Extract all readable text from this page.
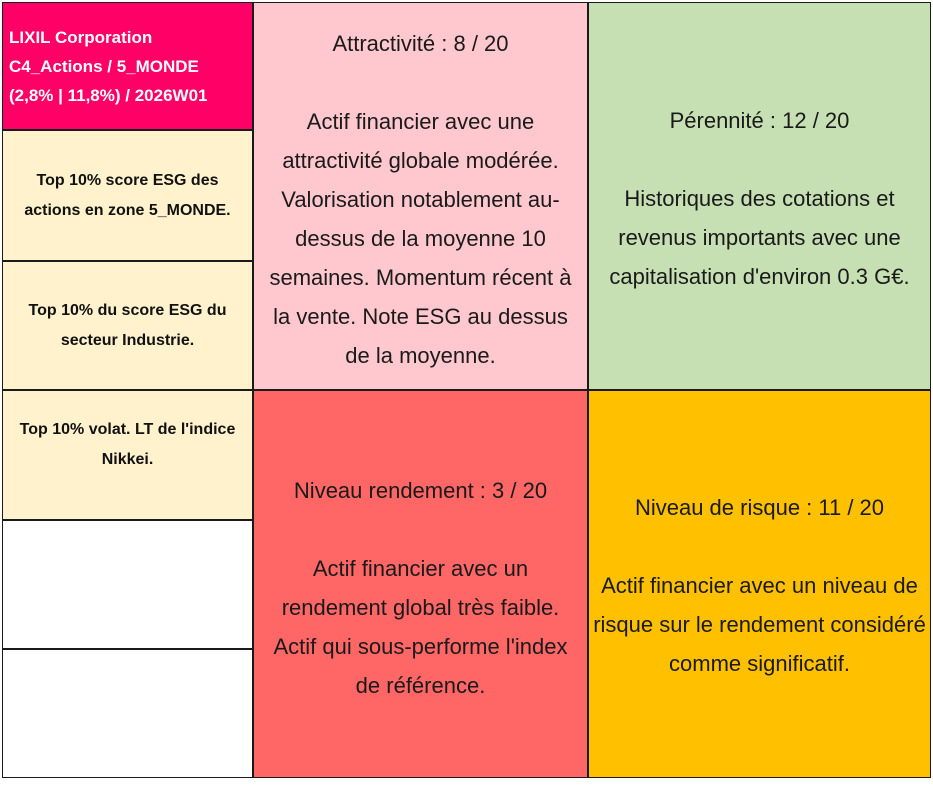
LIXIL Corporation

C4_Actions / 5_MONDE

(2,8% | 11,8%) / 2026W01

Top 10% score ESG des actions en zone 5_MONDE.

Top 10% du score ESG du secteur Industrie.

Top 10% volat. LT de l'indice Nikkei.

Attractivité : 8 / 20

Actif financier avec une attractivité globale modérée. Valorisation notablement au-dessus de la moyenne 10 semaines. Momentum récent à la vente. Note ESG au dessus de la moyenne.

Pérennité : 12 / 20

Historiques des cotations et revenus importants avec une capitalisation d'environ 0.3 G€.

Niveau rendement : 3 / 20

Actif financier avec un rendement global très faible. Actif qui sous-performe l'index de référence.

Niveau de risque : 11 / 20

Actif financier avec un niveau de risque sur le rendement considéré comme significatif.
